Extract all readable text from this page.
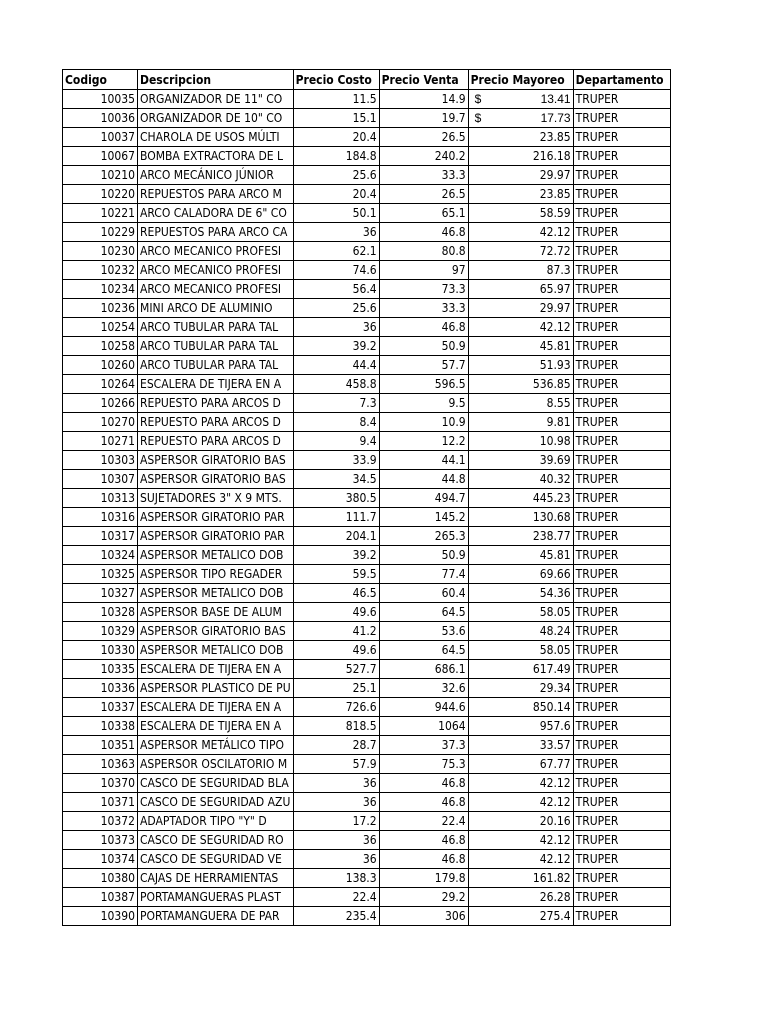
Codigo	Descripcion	Precio Costo	Precio Venta	Precio Mayoreo	Departamento
10035	ORGANIZADOR DE 11" CO	11.5	14.9	$ 13.41	TRUPER
10036	ORGANIZADOR DE 10" CO	15.1	19.7	$ 17.73	TRUPER
10037	CHAROLA DE USOS MÚLTI	20.4	26.5	23.85	TRUPER
10067	BOMBA EXTRACTORA DE L	184.8	240.2	216.18	TRUPER
10210	ARCO MECÁNICO JÚNIOR	25.6	33.3	29.97	TRUPER
10220	REPUESTOS PARA ARCO M	20.4	26.5	23.85	TRUPER
10221	ARCO CALADORA DE 6" CO	50.1	65.1	58.59	TRUPER
10229	REPUESTOS PARA ARCO CA	36	46.8	42.12	TRUPER
10230	ARCO MECANICO PROFESI	62.1	80.8	72.72	TRUPER
10232	ARCO MECANICO PROFESI	74.6	97	87.3	TRUPER
10234	ARCO MECANICO PROFESI	56.4	73.3	65.97	TRUPER
10236	MINI ARCO DE ALUMINIO	25.6	33.3	29.97	TRUPER
10254	ARCO TUBULAR PARA TAL	36	46.8	42.12	TRUPER
10258	ARCO TUBULAR PARA TAL	39.2	50.9	45.81	TRUPER
10260	ARCO TUBULAR PARA TAL	44.4	57.7	51.93	TRUPER
10264	ESCALERA DE TIJERA EN A	458.8	596.5	536.85	TRUPER
10266	REPUESTO PARA ARCOS D	7.3	9.5	8.55	TRUPER
10270	REPUESTO PARA ARCOS D	8.4	10.9	9.81	TRUPER
10271	REPUESTO PARA ARCOS D	9.4	12.2	10.98	TRUPER
10303	ASPERSOR GIRATORIO BAS	33.9	44.1	39.69	TRUPER
10307	ASPERSOR GIRATORIO BAS	34.5	44.8	40.32	TRUPER
10313	SUJETADORES 3" X 9 MTS.	380.5	494.7	445.23	TRUPER
10316	ASPERSOR GIRATORIO PAR	111.7	145.2	130.68	TRUPER
10317	ASPERSOR GIRATORIO PAR	204.1	265.3	238.77	TRUPER
10324	ASPERSOR METALICO DOB	39.2	50.9	45.81	TRUPER
10325	ASPERSOR TIPO REGADER	59.5	77.4	69.66	TRUPER
10327	ASPERSOR METALICO DOB	46.5	60.4	54.36	TRUPER
10328	ASPERSOR BASE DE ALUM	49.6	64.5	58.05	TRUPER
10329	ASPERSOR GIRATORIO BAS	41.2	53.6	48.24	TRUPER
10330	ASPERSOR METALICO DOB	49.6	64.5	58.05	TRUPER
10335	ESCALERA DE TIJERA EN A	527.7	686.1	617.49	TRUPER
10336	ASPERSOR PLASTICO DE PU	25.1	32.6	29.34	TRUPER
10337	ESCALERA DE TIJERA EN A	726.6	944.6	850.14	TRUPER
10338	ESCALERA DE TIJERA EN A	818.5	1064	957.6	TRUPER
10351	ASPERSOR METÁLICO TIPO	28.7	37.3	33.57	TRUPER
10363	ASPERSOR OSCILATORIO M	57.9	75.3	67.77	TRUPER
10370	CASCO DE SEGURIDAD BLA	36	46.8	42.12	TRUPER
10371	CASCO DE SEGURIDAD AZU	36	46.8	42.12	TRUPER
10372	ADAPTADOR TIPO "Y" D	17.2	22.4	20.16	TRUPER
10373	CASCO DE SEGURIDAD RO	36	46.8	42.12	TRUPER
10374	CASCO DE SEGURIDAD VE	36	46.8	42.12	TRUPER
10380	CAJAS DE HERRAMIENTAS	138.3	179.8	161.82	TRUPER
10387	PORTAMANGUERAS PLAST	22.4	29.2	26.28	TRUPER
10390	PORTAMANGUERA DE PAR	235.4	306	275.4	TRUPER
